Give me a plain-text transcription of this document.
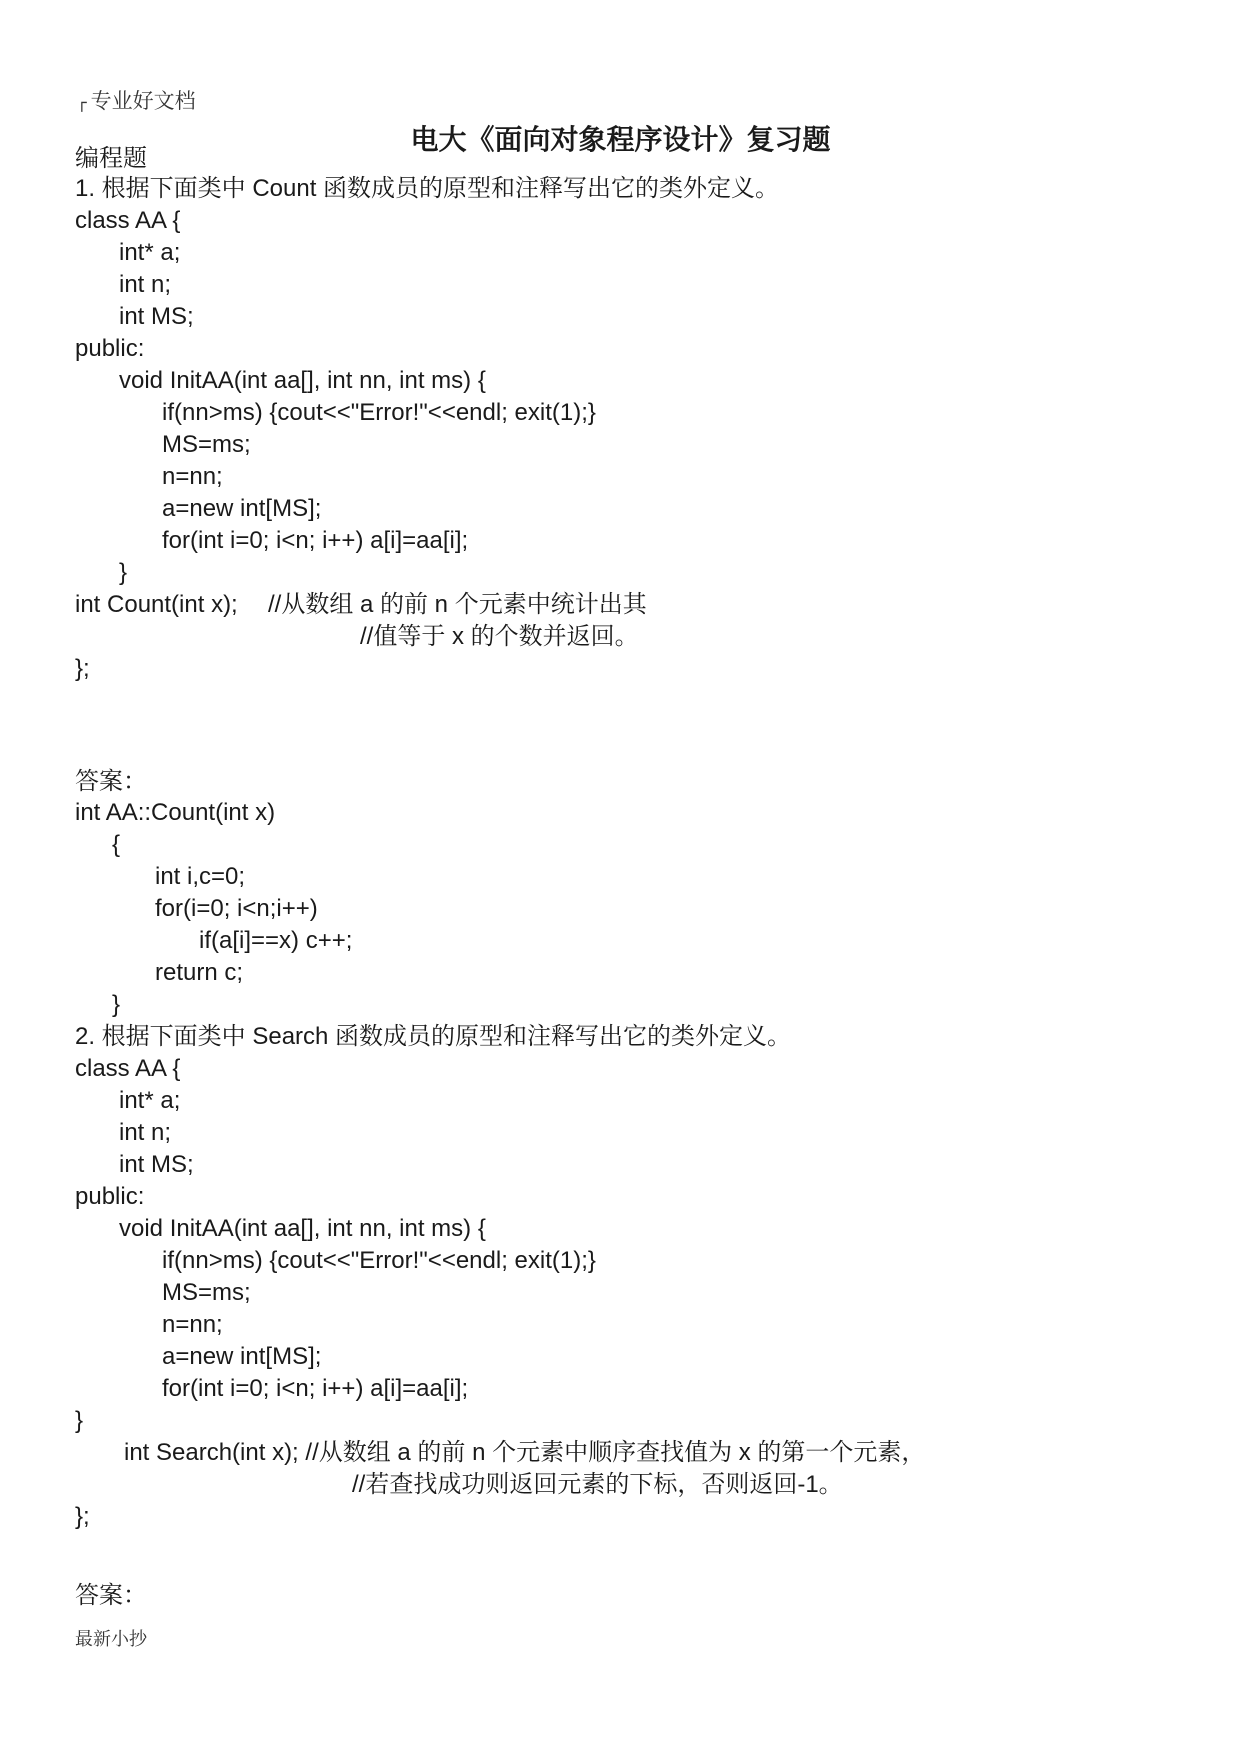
┌ 专业好文档
电大《面向对象程序设计》复习题
编程题
1. 根据下面类中 Count 函数成员的原型和注释写出它的类外定义。
class AA {
int* a;
int n;
int MS;
public:
void InitAA(int aa[], int nn, int ms) {
if(nn>ms) {cout<<"Error!"<<endl; exit(1);}
MS=ms;
n=nn;
a=new int[MS];
for(int i=0; i<n; i++) a[i]=aa[i];
}
int Count(int x); //从数组 a 的前 n 个元素中统计出其
//值等于 x 的个数并返回。
};
答案：
int AA::Count(int x)
{
int i,c=0;
for(i=0; i<n;i++)
if(a[i]==x) c++;
return c;
}
2. 根据下面类中 Search 函数成员的原型和注释写出它的类外定义。
class AA {
int* a;
int n;
int MS;
public:
void InitAA(int aa[], int nn, int ms) {
if(nn>ms) {cout<<"Error!"<<endl; exit(1);}
MS=ms;
n=nn;
a=new int[MS];
for(int i=0; i<n; i++) a[i]=aa[i];
}
int Search(int x); //从数组 a 的前 n 个元素中顺序查找值为 x 的第一个元素，
//若查找成功则返回元素的下标，否则返回-1。
};
答案：
最新小抄
